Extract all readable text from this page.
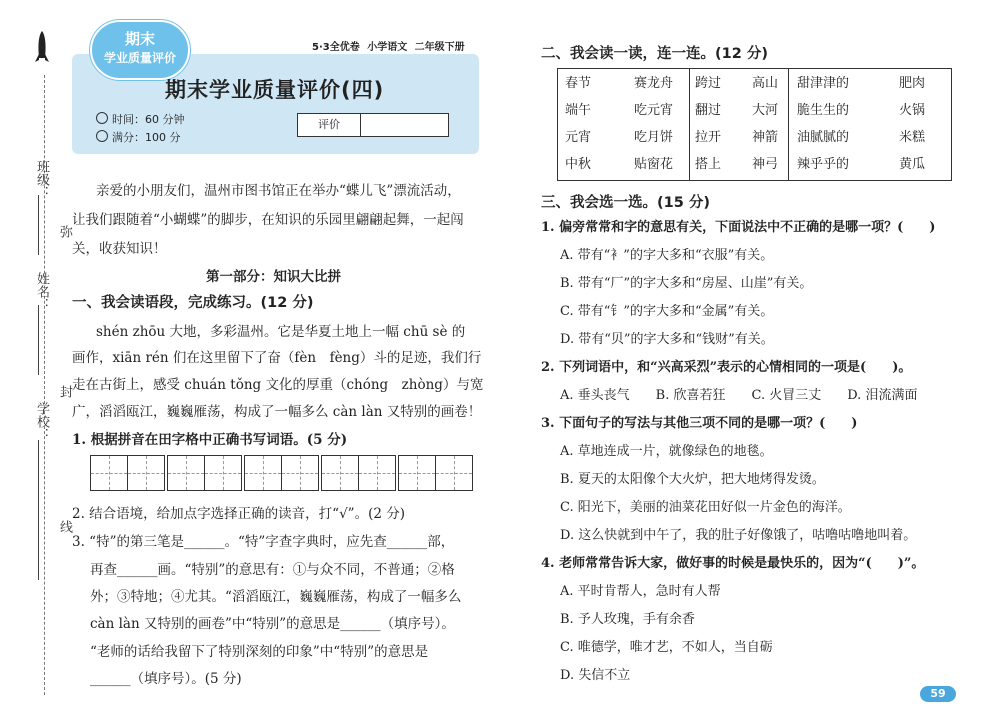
班级：
姓名：
学校：
弥
封
线
期末
学业质量评价
5·3全优卷 小学语文 二年级下册
期末学业质量评价(四)
时间：60 分钟
满分：100 分
评价
亲爱的小朋友们，温州市图书馆正在举办“蝶儿飞”漂流活动，
让我们跟随着“小蝴蝶”的脚步，在知识的乐园里翩翩起舞，一起闯
关，收获知识！
第一部分：知识大比拼
一、我会读语段，完成练习。(12 分)
shén zhōu 大地，多彩温州。它是华夏土地上一幅 chū sè 的
画作，xiān rén 们在这里留下了奋（fèn　fèng）斗的足迹，我们行
走在古街上，感受 chuán tǒng 文化的厚重（chóng　zhòng）与宽
广，滔滔瓯江，巍巍雁荡，构成了一幅多么 càn làn 又特别的画卷！
1. 根据拼音在田字格中正确书写词语。(5 分)
2. 结合语境，给加点字选择正确的读音，打“√”。(2 分)
3. “特”的第三笔是______。“特”字查字典时，应先查______部，
再查______画。“特别”的意思有：①与众不同，不普通；②格
外；③特地；④尤其。“滔滔瓯江，巍巍雁荡，构成了一幅多么
càn làn 又特别的画卷”中“特别”的意思是______（填序号）。
“老师的话给我留下了特别深刻的印象”中“特别”的意思是
______（填序号）。(5 分)
二、我会读一读，连一连。(12 分)
春节	赛龙舟 跨过 高山 甜津津的	肥肉
端午	吃元宵 翻过 大河 脆生生的	火锅
元宵	吃月饼 拉开 神箭 油腻腻的	米糕
中秋	贴窗花 搭上 神弓 辣乎乎的	黄瓜
三、我会选一选。(15 分)
1. 偏旁常常和字的意思有关，下面说法中不正确的是哪一项？(　　)
A. 带有“衤”的字大多和“衣服”有关。
B. 带有“厂”的字大多和“房屋、山崖”有关。
C. 带有“钅”的字大多和“金属”有关。
D. 带有“贝”的字大多和“钱财”有关。
2. 下列词语中，和“兴高采烈”表示的心情相同的一项是(　　)。
A. 垂头丧气　　B. 欣喜若狂　　C. 火冒三丈　　D. 泪流满面
3. 下面句子的写法与其他三项不同的是哪一项？(　　)
A. 草地连成一片，就像绿色的地毯。
B. 夏天的太阳像个大火炉，把大地烤得发烫。
C. 阳光下，美丽的油菜花田好似一片金色的海洋。
D. 这么快就到中午了，我的肚子好像饿了，咕噜咕噜地叫着。
4. 老师常常告诉大家，做好事的时候是最快乐的，因为“(　　)”。
A. 平时肯帮人，急时有人帮
B. 予人玫瑰，手有余香
C. 唯德学，唯才艺，不如人，当自砺
D. 失信不立
59
